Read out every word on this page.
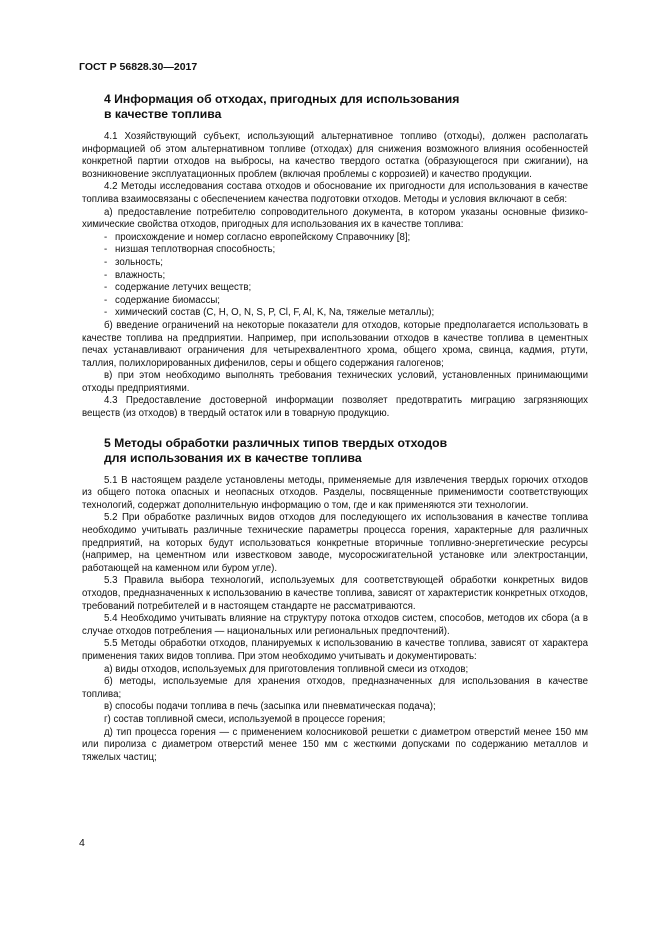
ГОСТ Р 56828.30—2017
4 Информация об отходах, пригодных для использования
в качестве топлива

4.1 Хозяйствующий субъект, использующий альтернативное топливо (отходы), должен располагать информацией об этом альтернативном топливе (отходах) для снижения возможного влияния особенностей конкретной партии отходов на выбросы, на качество твердого остатка (образующегося при сжигании), на возникновение эксплуатационных проблем (включая проблемы с коррозией) и качество продукции.

4.2 Методы исследования состава отходов и обоснование их пригодности для использования в качестве топлива взаимосвязаны с обеспечением качества подготовки отходов. Методы и условия включают в себя:

а) предоставление потребителю сопроводительного документа, в котором указаны основные физико-химические свойства отходов, пригодных для использования их в качестве топлива:

- происхождение и номер согласно европейскому Справочнику [8];
- низшая теплотворная способность;
- зольность;
- влажность;
- содержание летучих веществ;
- содержание биомассы;
- химический состав (C, H, O, N, S, P, Cl, F, Al, K, Na, тяжелые металлы);

б) введение ограничений на некоторые показатели для отходов, которые предполагается использовать в качестве топлива на предприятии. Например, при использовании отходов в качестве топлива в цементных печах устанавливают ограничения для четырехвалентного хрома, общего хрома, свинца, кадмия, ртути, таллия, полихлорированных дифенилов, серы и общего содержания галогенов;

в) при этом необходимо выполнять требования технических условий, установленных принимающими отходы предприятиями.

4.3 Предоставление достоверной информации позволяет предотвратить миграцию загрязняющих веществ (из отходов) в твердый остаток или в товарную продукцию.

5 Методы обработки различных типов твердых отходов
для использования их в качестве топлива

5.1 В настоящем разделе установлены методы, применяемые для извлечения твердых горючих отходов из общего потока опасных и неопасных отходов. Разделы, посвященные применимости соответствующих технологий, содержат дополнительную информацию о том, где и как применяются эти технологии.

5.2 При обработке различных видов отходов для последующего их использования в качестве топлива необходимо учитывать различные технические параметры процесса горения, характерные для различных предприятий, на которых будут использоваться конкретные вторичные топливно-энергетические ресурсы (например, на цементном или известковом заводе, мусоросжигательной установке или электростанции, работающей на каменном или буром угле).

5.3 Правила выбора технологий, используемых для соответствующей обработки конкретных видов отходов, предназначенных к использованию в качестве топлива, зависят от характеристик конкретных отходов, требований потребителей и в настоящем стандарте не рассматриваются.

5.4 Необходимо учитывать влияние на структуру потока отходов систем, способов, методов их сбора (а в случае отходов потребления — национальных или региональных предпочтений).

5.5 Методы обработки отходов, планируемых к использованию в качестве топлива, зависят от характера применения таких видов топлива. При этом необходимо учитывать и документировать:

а) виды отходов, используемых для приготовления топливной смеси из отходов;

б) методы, используемые для хранения отходов, предназначенных для использования в качестве топлива;

в) способы подачи топлива в печь (засыпка или пневматическая подача);

г) состав топливной смеси, используемой в процессе горения;

д) тип процесса горения — с применением колосниковой решетки с диаметром отверстий менее 150 мм или пиролиза с диаметром отверстий менее 150 мм с жесткими допусками по содержанию металлов и тяжелых частиц;

4
